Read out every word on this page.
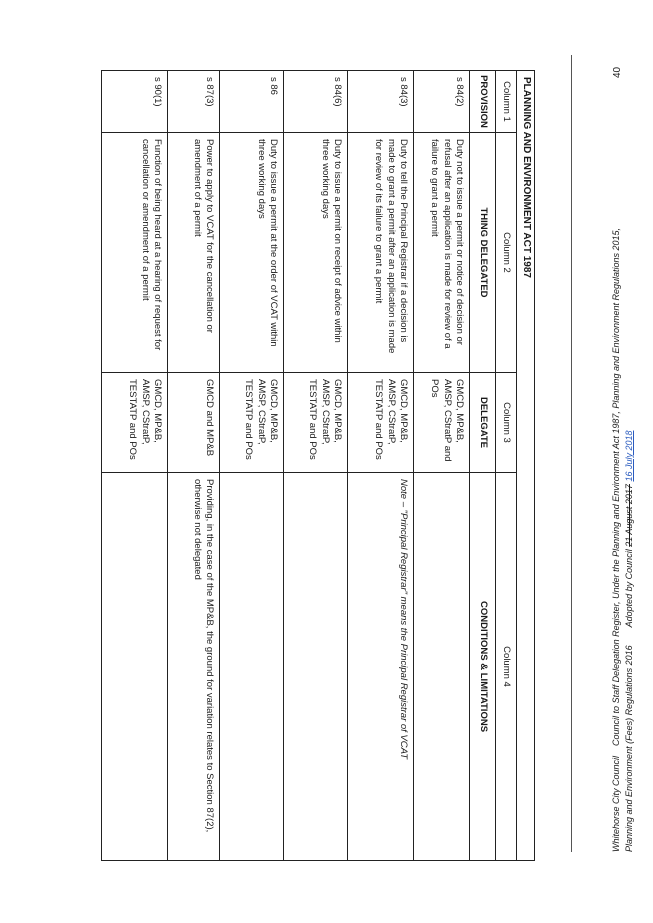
40
PLANNING AND ENVIRONMENT ACT 1987			
Column 1	Column 2	Column 3	Column 4
PROVISION	THING DELEGATED	DELEGATE	CONDITIONS & LIMITATIONS
s 84(2)	Duty not to issue a permit or notice of decision or refusal after an application is made for review of a failure to grant a permit	GMCD, MP&B, AMSP, CStratP and POs	
s 84(3)	Duty to tell the Principal Registrar if a decision is made to grant a permit after an application is made for review of its failure to grant a permit	GMCD, MP&B, AMSP, CStratP, TESTATP and POs	Note – "Principal Registrar" means the Principal Registrar of VCAT

s 84(6)	Duty to issue a permit on receipt of advice within three working days	GMCD, MP&B, AMSP, CStratP, TESTATP and POs	
s 86	Duty to issue a permit at the order of VCAT within three working days	GMCD, MP&B, AMSP, CStratP, TESTATP and POs	
s 87(3)	Power to apply to VCAT for the cancellation or amendment of a permit	GMCD and MP&B	Providing, in the case of the MP&B, the ground for variation relates to Section 87(2), otherwise not delegated
s 90(1)	Function of being heard at a hearing of request for cancellation or amendment of a permit	GMCD, MP&B, AMSP, CStratP, TESTATP and POs	
Whitehorse City CouncilCouncil to Staff Delegation Register, Under the Planning and Environment Act 1987, Planning and Environment Regulations 2015,
Planning and Environment (Fees) Regulations 2016Adopted by Council 21 August 2017 16 July 2018
